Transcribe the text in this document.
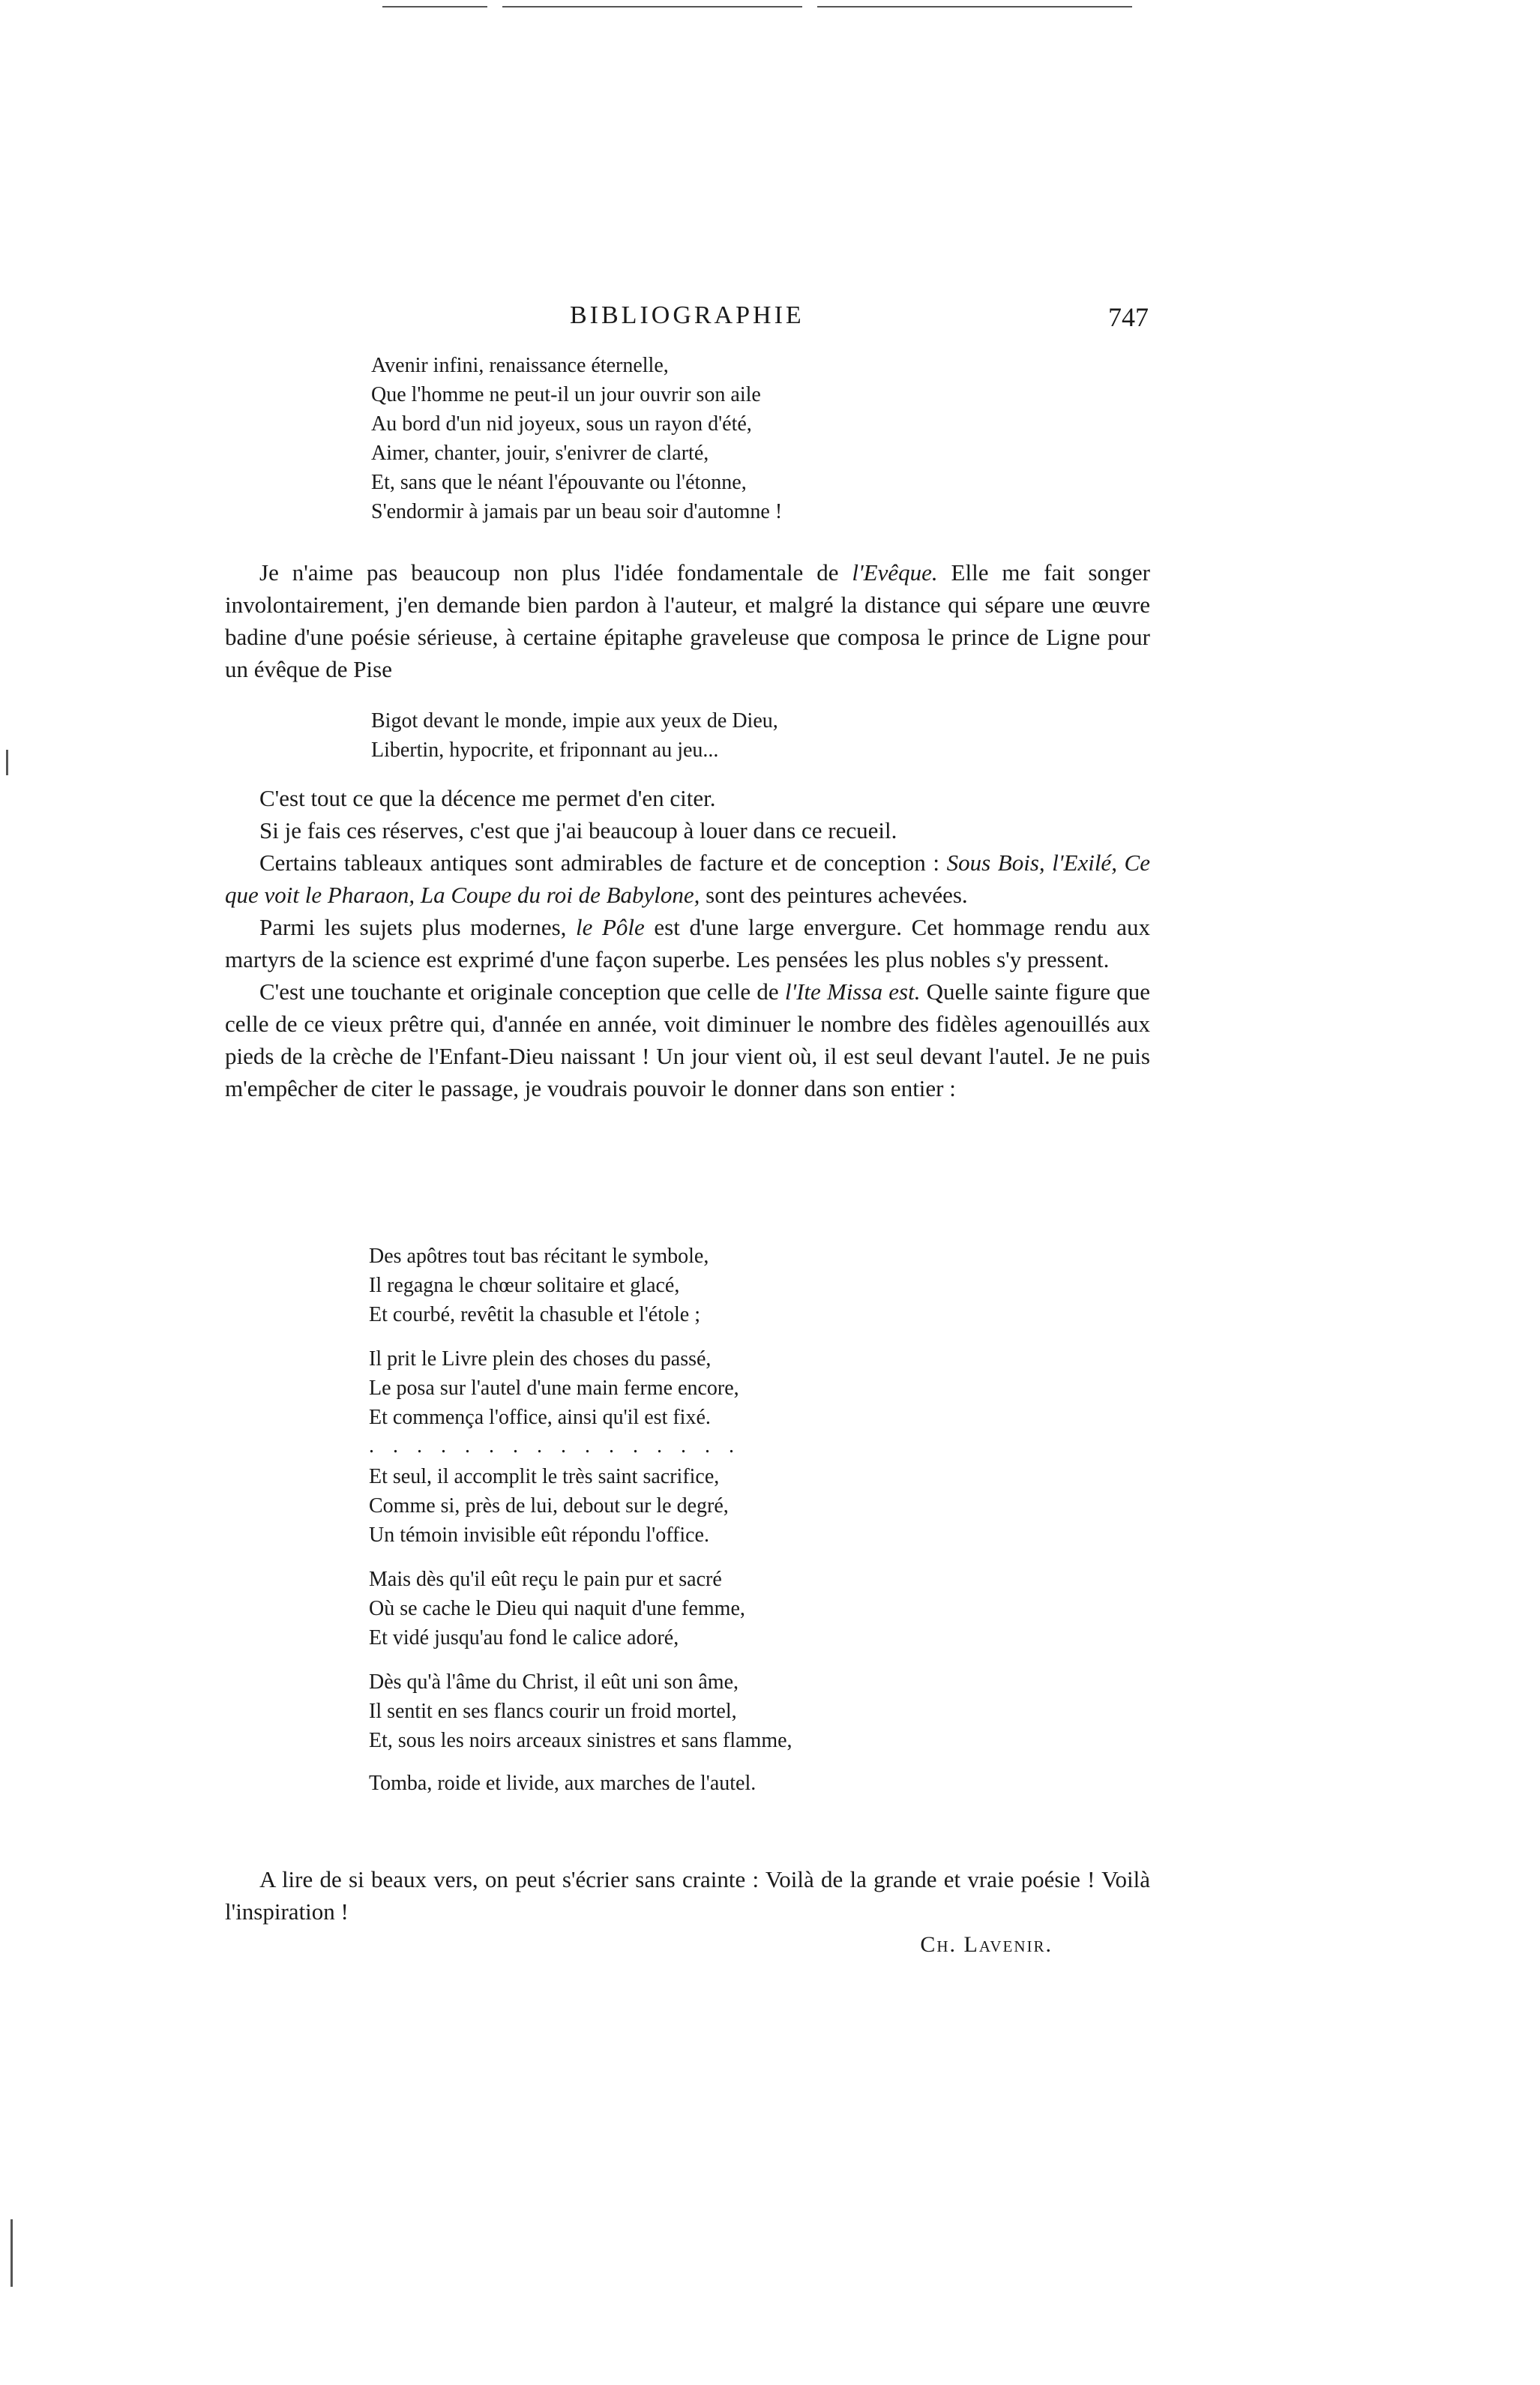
BIBLIOGRAPHIE	747
Avenir infini, renaissance éternelle,
Que l'homme ne peut-il un jour ouvrir son aile
Au bord d'un nid joyeux, sous un rayon d'été,
Aimer, chanter, jouir, s'enivrer de clarté,
Et, sans que le néant l'épouvante ou l'étonne,
S'endormir à jamais par un beau soir d'automne !

Je n'aime pas beaucoup non plus l'idée fondamentale de l'Evêque. Elle me fait songer involontairement, j'en demande bien pardon à l'auteur, et malgré la distance qui sépare une œuvre badine d'une poésie sérieuse, à certaine épitaphe graveleuse que composa le prince de Ligne pour un évêque de Pise

Bigot devant le monde, impie aux yeux de Dieu,
Libertin, hypocrite, et friponnant au jeu...

C'est tout ce que la décence me permet d'en citer.

Si je fais ces réserves, c'est que j'ai beaucoup à louer dans ce recueil.

Certains tableaux antiques sont admirables de facture et de conception : Sous Bois, l'Exilé, Ce que voit le Pharaon, La Coupe du roi de Babylone, sont des peintures achevées.

Parmi les sujets plus modernes, le Pôle est d'une large envergure. Cet hommage rendu aux martyrs de la science est exprimé d'une façon superbe. Les pensées les plus nobles s'y pressent.

C'est une touchante et originale conception que celle de l'Ite Missa est. Quelle sainte figure que celle de ce vieux prêtre qui, d'année en année, voit diminuer le nombre des fidèles agenouillés aux pieds de la crèche de l'Enfant-Dieu naissant ! Un jour vient où, il est seul devant l'autel. Je ne puis m'empêcher de citer le passage, je voudrais pouvoir le donner dans son entier :

Des apôtres tout bas récitant le symbole,
Il regagna le chœur solitaire et glacé,
Et courbé, revêtit la chasuble et l'étole ;
Il prit le Livre plein des choses du passé,
Le posa sur l'autel d'une main ferme encore,
Et commença l'office, ainsi qu'il est fixé.
................
Et seul, il accomplit le très saint sacrifice,
Comme si, près de lui, debout sur le degré,
Un témoin invisible eût répondu l'office.
Mais dès qu'il eût reçu le pain pur et sacré
Où se cache le Dieu qui naquit d'une femme,
Et vidé jusqu'au fond le calice adoré,
Dès qu'à l'âme du Christ, il eût uni son âme,
Il sentit en ses flancs courir un froid mortel,
Et, sous les noirs arceaux sinistres et sans flamme,
Tomba, roide et livide, aux marches de l'autel.

A lire de si beaux vers, on peut s'écrier sans crainte : Voilà de la grande et vraie poésie ! Voilà l'inspiration !

Ch. Lavenir.
